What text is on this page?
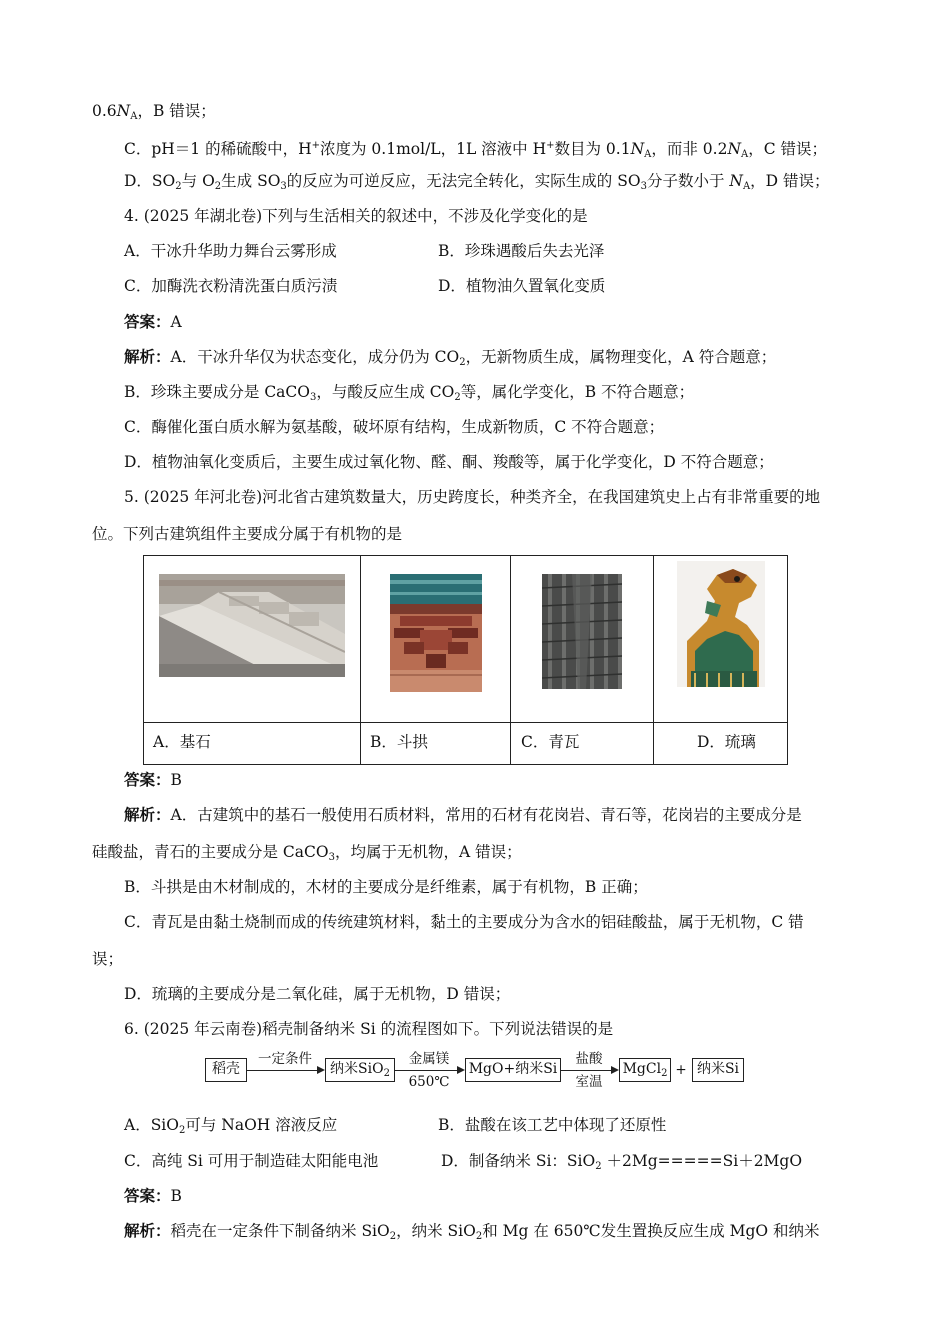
$0.6N_A$，B 错误；
C．pH＝1 的稀硫酸中，H+浓度为 0.1mol/L，1L 溶液中 H+数目为 $0.1N_A$，而非 $0.2N_A$，C 错误；
D．$SO_2$与 $O_2$生成 $SO_3$的反应为可逆反应，无法完全转化，实际生成的 $SO_3$分子数小于 $N_A$，D 错误；
4. (2025 年湖北卷)下列与生活相关的叙述中，不涉及化学变化的是
A．干冰升华助力舞台云雾形成	B．珍珠遇酸后失去光泽
C．加酶洗衣粉清洗蛋白质污渍	D．植物油久置氧化变质
答案：A
解析：A．干冰升华仅为状态变化，成分仍为 $CO_2$，无新物质生成，属物理变化，A 符合题意；
B．珍珠主要成分是 CaCO$_3$，与酸反应生成 $CO_2$等，属化学变化，B 不符合题意；
C．酶催化蛋白质水解为氨基酸，破坏原有结构，生成新物质，C 不符合题意；
D．植物油氧化变质后，主要生成过氧化物、醛、酮、羧酸等，属于化学变化，D 不符合题意；
5. (2025 年河北卷)河北省古建筑数量大，历史跨度长，种类齐全，在我国建筑史上占有非常重要的地
位。下列古建筑组件主要成分属于有机物的是
A．基石	B．斗拱	C．青瓦	D．琉璃
答案：B
解析：A．古建筑中的基石一般使用石质材料，常用的石材有花岗岩、青石等，花岗岩的主要成分是
硅酸盐，青石的主要成分是 CaCO$_3$，均属于无机物，A 错误；
B．斗拱是由木材制成的，木材的主要成分是纤维素，属于有机物，B 正确；
C．青瓦是由黏土烧制而成的传统建筑材料，黏土的主要成分为含水的铝硅酸盐，属于无机物，C 错
误；
D．琉璃的主要成分是二氧化硅，属于无机物，D 错误；
6. (2025 年云南卷)稻壳制备纳米 Si 的流程图如下。下列说法错误的是
稻壳
一定条件
纳米SiO$_2$
金属镁
650℃
MgO+纳米Si
盐酸
室温
MgCl$_2$ + 纳米Si
A．SiO$_2$可与 NaOH 溶液反应	B．盐酸在该工艺中体现了还原性
C．高纯 Si 可用于制造硅太阳能电池	D．制备纳米 Si：SiO$_2$ ＋2Mg=====Si＋2MgO
答案：B
解析：稻壳在一定条件下制备纳米 SiO$_2$，纳米 SiO$_2$和 Mg 在 650℃发生置换反应生成 MgO 和纳米
